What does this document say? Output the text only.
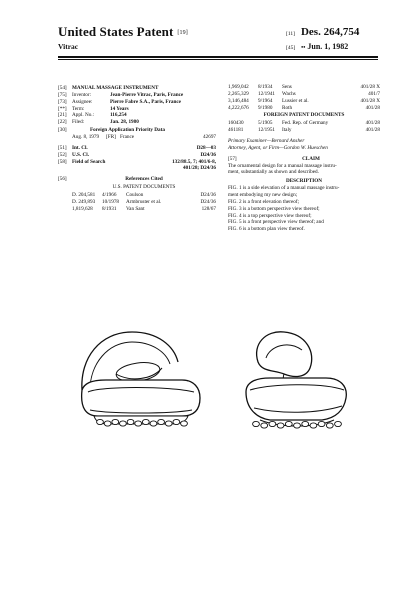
United States Patent [19]
Vitrac
[11] Des. 264,754
[45] •• Jun. 1, 1982
[54]	MANUAL MASSAGE INSTRUMENT
[75]	Inventor:	Jean-Pierre Vitrac, Paris, France
[73]	Assignee:	Pierre Fabre S.A., Paris, France
[**]	Term:	14 Years
[21]	Appl. No.:	116,254
[22]	Filed:	Jan. 28, 1980
[30]	Foreign Application Priority Data
Aug. 8, 1979	[FR] France	42697
[51]	Int. Cl.	D28—03
[52]	U.S. Cl.	D24/36
[58]	Field of Search	132/88.5, 7; 401/6-8,
401/28; D24/36
[56]	References Cited
U.S. PATENT DOCUMENTS
D. 204,581	4/1966	Coulson	D24/36
D. 249,893	10/1978	Armbruster et al.	D24/36
1,819,628	8/1931	Van Sant	128/67
1,969,042	8/1934	Sens	401/28 X
2,265,329	12/1941	Wachs	401/7
3,146,484	9/1964	Lussier et al.	401/28 X
4,222,676	9/1980	Roth	401/28
FOREIGN PATENT DOCUMENTS
160430	5/1905	Fed. Rep. of Germany	401/28
461181	12/1951	Italy	401/28
Primary Examiner—Bernard Ansher
Attorney, Agent, or Firm—Gordon W. Hueschen
[57]	CLAIM
The ornamental design for a manual massage instru-
ment, substantially as shown and described.
DESCRIPTION
FIG. 1 is a side elevation of a manual massage instru-
ment embodying my new design;
FIG. 2 is a front elevation thereof;
FIG. 3 is a bottom perspective view thereof;
FIG. 4 is a top perspective view thereof;
FIG. 5 is a front perspective view thereof; and
FIG. 6 is a bottom plan view thereof.
